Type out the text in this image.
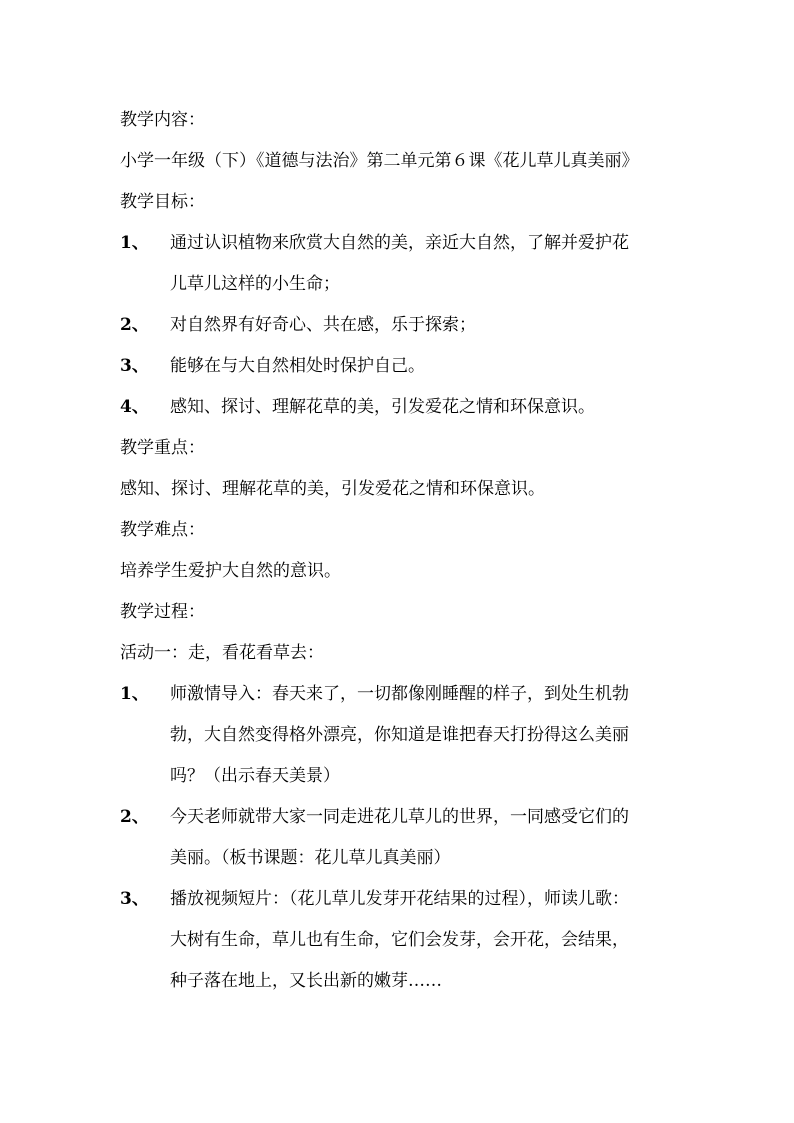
教学内容：
小学一年级（下）《道德与法治》第二单元第６课《花儿草儿真美丽》
教学目标：
1、	通过认识植物来欣赏大自然的美，亲近大自然，了解并爱护花
儿草儿这样的小生命；
2、	对自然界有好奇心、共在感，乐于探索；
3、	能够在与大自然相处时保护自己。
4、	感知、探讨、理解花草的美，引发爱花之情和环保意识。
教学重点：
感知、探讨、理解花草的美，引发爱花之情和环保意识。
教学难点：
培养学生爱护大自然的意识。
教学过程：
活动一：走，看花看草去：
1、	师激情导入：春天来了，一切都像刚睡醒的样子，到处生机勃
勃，大自然变得格外漂亮，你知道是谁把春天打扮得这么美丽
吗？（出示春天美景）
2、	今天老师就带大家一同走进花儿草儿的世界，一同感受它们的
美丽。（板书课题：花儿草儿真美丽）
3、	播放视频短片：（花儿草儿发芽开花结果的过程），师读儿歌：
大树有生命，草儿也有生命，它们会发芽，会开花，会结果，
种子落在地上，又长出新的嫩芽……
